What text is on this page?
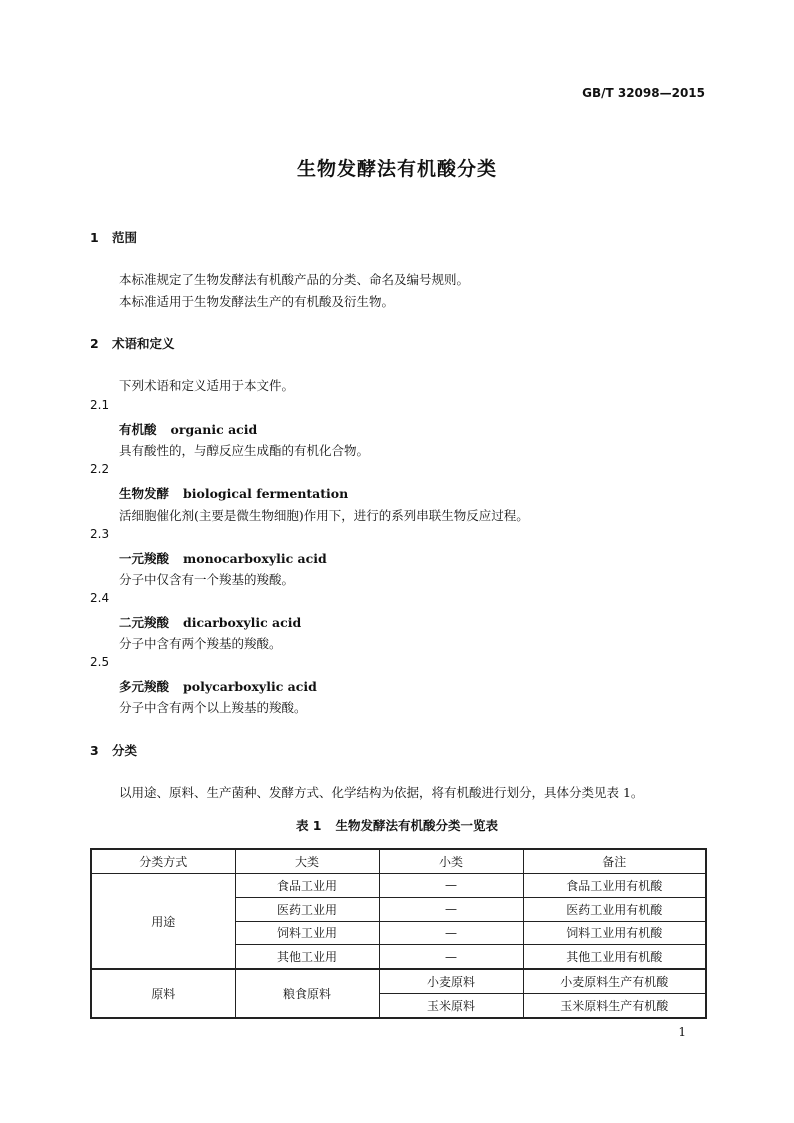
GB/T 32098—2015
生物发酵法有机酸分类
1 范围
本标准规定了生物发酵法有机酸产品的分类、命名及编号规则。
本标准适用于生物发酵法生产的有机酸及衍生物。
2 术语和定义
下列术语和定义适用于本文件。
2.1
有机酸 organic acid
具有酸性的，与醇反应生成酯的有机化合物。
2.2
生物发酵 biological fermentation
活细胞催化剂(主要是微生物细胞)作用下，进行的系列串联生物反应过程。
2.3
一元羧酸 monocarboxylic acid
分子中仅含有一个羧基的羧酸。
2.4
二元羧酸 dicarboxylic acid
分子中含有两个羧基的羧酸。
2.5
多元羧酸 polycarboxylic acid
分子中含有两个以上羧基的羧酸。
3 分类
以用途、原料、生产菌种、发酵方式、化学结构为依据，将有机酸进行划分，具体分类见表 1。
表 1 生物发酵法有机酸分类一览表
分类方式	大类	小类	备注
用途	食品工业用	—	食品工业用有机酸
	医药工业用	—	医药工业用有机酸
	饲料工业用	—	饲料工业用有机酸
	其他工业用	—	其他工业用有机酸
原料	粮食原料	小麦原料	小麦原料生产有机酸
		玉米原料	玉米原料生产有机酸
1
